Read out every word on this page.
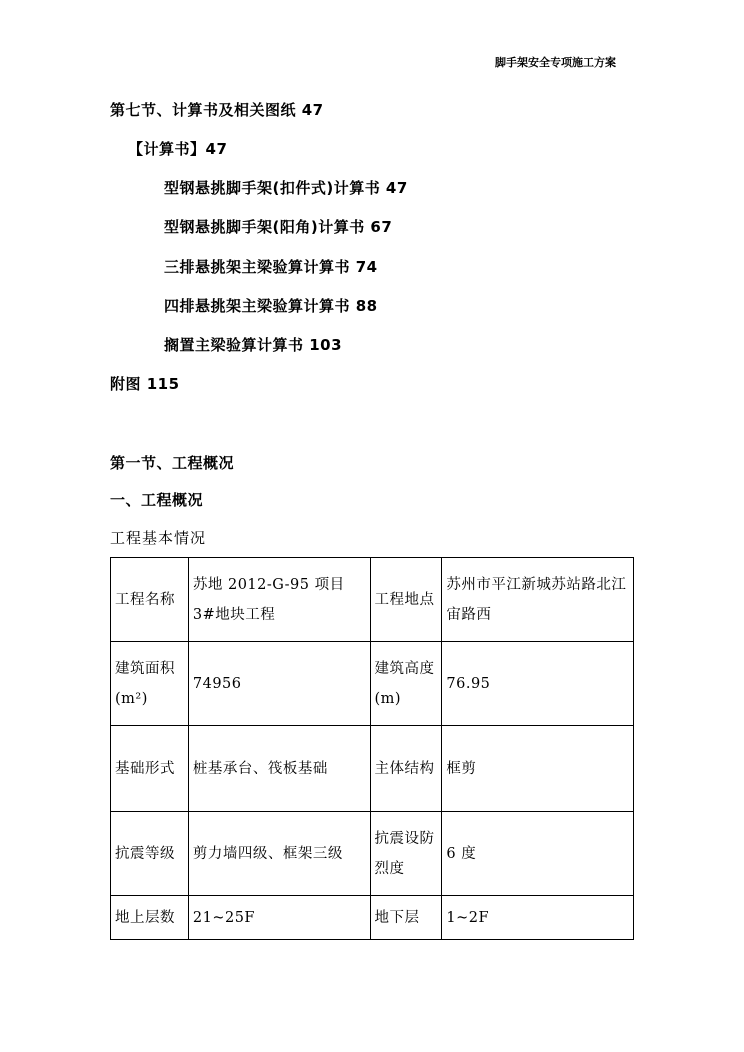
脚手架安全专项施工方案
第七节、计算书及相关图纸 47
【计算书】47
型钢悬挑脚手架(扣件式)计算书 47
型钢悬挑脚手架(阳角)计算书 67
三排悬挑架主梁验算计算书 74
四排悬挑架主梁验算计算书 88
搁置主梁验算计算书 103
附图 115
第一节、工程概况
一、工程概况
工程基本情况
工程名称	苏地 2012-G-95 项目3#地块工程	工程地点	苏州市平江新城苏站路北江宙路西
建筑面积(m²)	74956	建筑高度(m)	76.95
基础形式	桩基承台、筏板基础	主体结构	框剪
抗震等级	剪力墙四级、框架三级	抗震设防烈度	6 度
地上层数	21~25F	地下层	1~2F
